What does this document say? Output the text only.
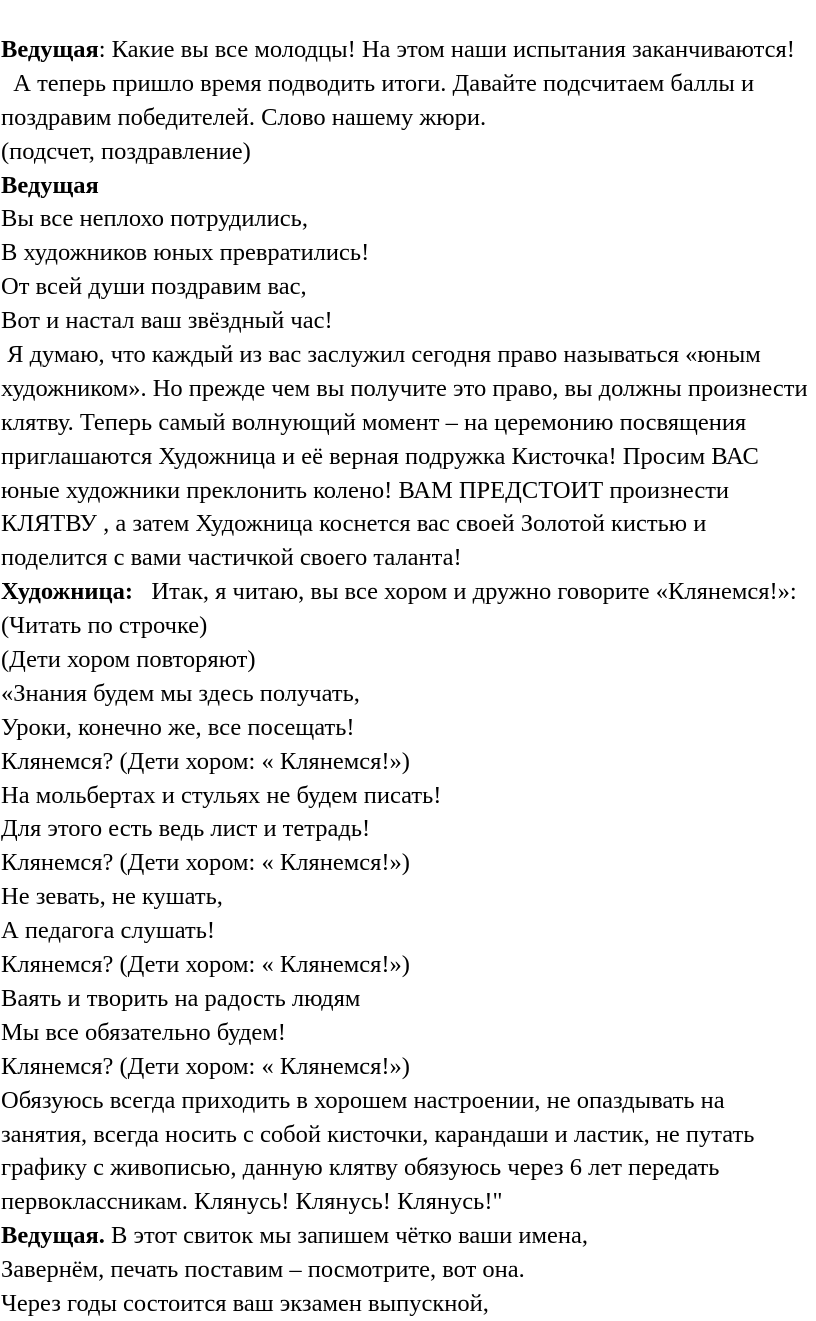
Ведущая: Какие вы все молодцы! На этом наши испытания заканчиваются!
А теперь пришло время подводить итоги. Давайте подсчитаем баллы и
поздравим победителей. Слово нашему жюри.
(подсчет, поздравление)
Ведущая
Вы все неплохо потрудились,
В художников юных превратились!
От всей души поздравим вас,
Вот и настал ваш звёздный час!
Я думаю, что каждый из вас заслужил сегодня право называться «юным
художником». Но прежде чем вы получите это право, вы должны произнести
клятву. Теперь самый волнующий момент – на церемонию посвящения
приглашаются Художница и её верная подружка Кисточка! Просим ВАС
юные художники преклонить колено! ВАМ ПРЕДСТОИТ произнести
КЛЯТВУ , а затем Художница коснется вас своей Золотой кистью и
поделится с вами частичкой своего таланта!
Художница:   Итак, я читаю, вы все хором и дружно говорите «Клянемся!»:
(Читать по строчке)
(Дети хором повторяют)
«Знания будем мы здесь получать,
Уроки, конечно же, все посещать!
Клянемся? (Дети хором: « Клянемся!»)
На мольбертах и стульях не будем писать!
Для этого есть ведь лист и тетрадь!
Клянемся? (Дети хором: « Клянемся!»)
Не зевать, не кушать,
А педагога слушать!
Клянемся? (Дети хором: « Клянемся!»)
Ваять и творить на радость людям
Мы все обязательно будем!
Клянемся? (Дети хором: « Клянемся!»)
Обязуюсь всегда приходить в хорошем настроении, не опаздывать на
занятия, всегда носить с собой кисточки, карандаши и ластик, не путать
графику с живописью, данную клятву обязуюсь через 6 лет передать
первоклассникам. Клянусь! Клянусь! Клянусь!"
Ведущая. В этот свиток мы запишем чётко ваши имена,
Завернём, печать поставим – посмотрите, вот она.
Через годы состоится ваш экзамен выпускной,
